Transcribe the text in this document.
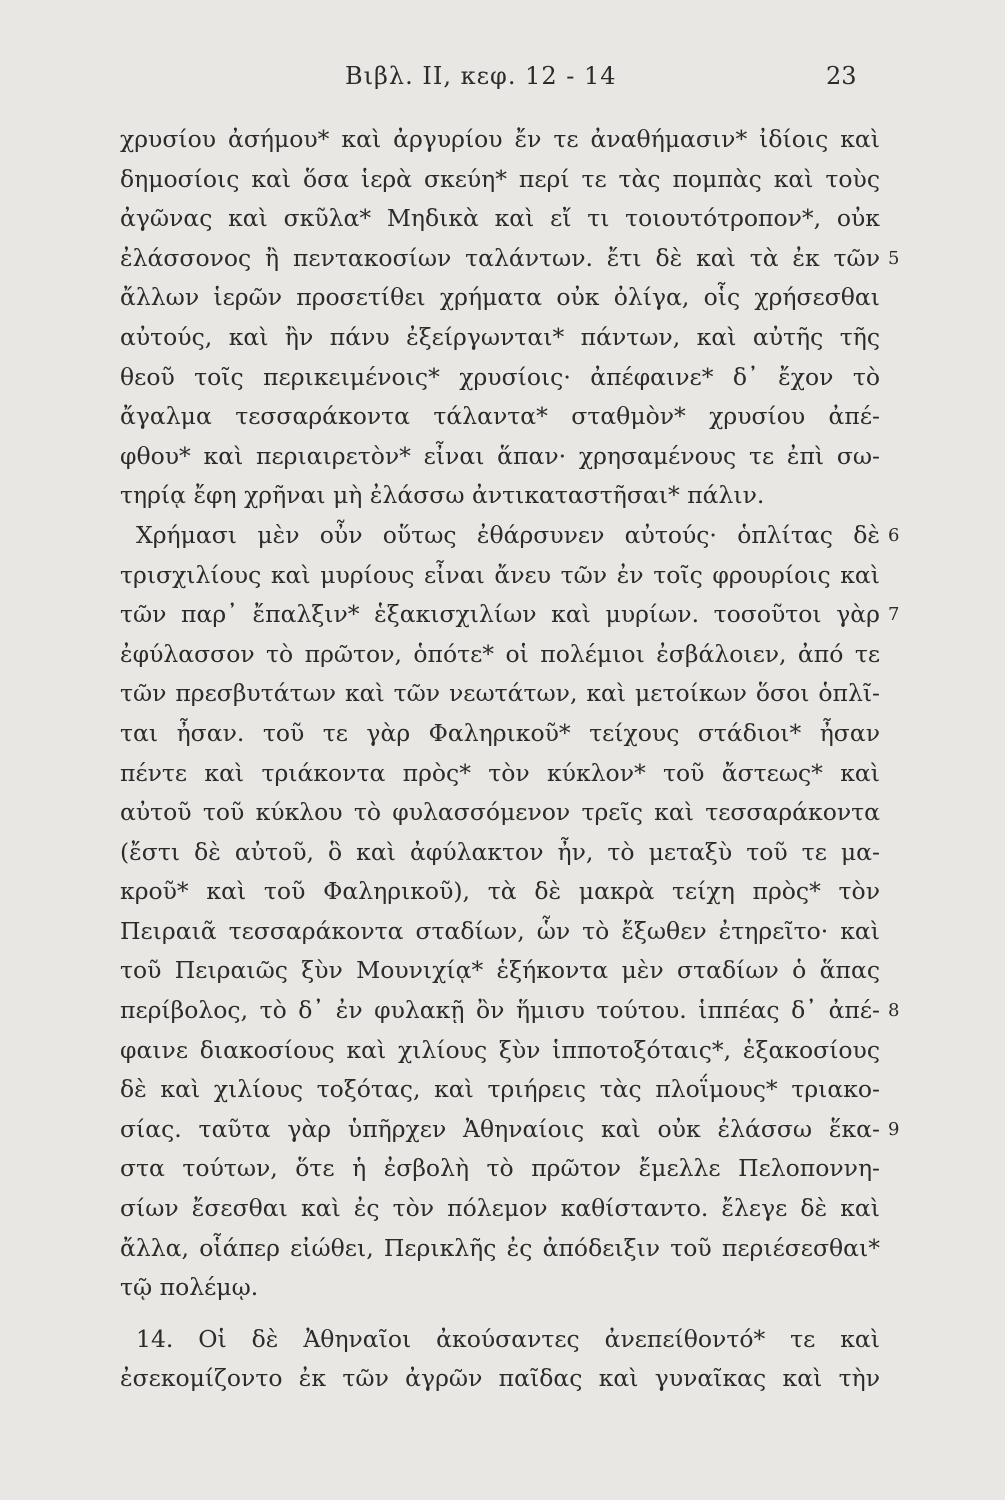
Βιβλ. ΙΙ, κεφ. 12 - 14	23
χρυσίου ἀσήμου* καὶ ἀργυρίου ἔν τε ἀναθήμασιν* ἰδίοις καὶ
δημοσίοις καὶ ὅσα ἱερὰ σκεύη* περί τε τὰς πομπὰς καὶ τοὺς
ἀγῶνας καὶ σκῦλα* Μηδικὰ καὶ εἴ τι τοιουτότροπον*, οὐκ
ἐλάσσονος ἢ πεντακοσίων ταλάντων. ἔτι δὲ καὶ τὰ ἐκ τῶν 5
ἄλλων ἱερῶν προσετίθει χρήματα οὐκ ὀλίγα, οἷς χρήσεσθαι
αὐτούς, καὶ ἢν πάνυ ἐξείργωνται* πάντων, καὶ αὐτῆς τῆς
θεοῦ τοῖς περικειμένοις* χρυσίοις· ἀπέφαινε* δ᾽ ἔχον τὸ
ἄγαλμα τεσσαράκοντα τάλαντα* σταθμὸν* χρυσίου ἀπέ-
φθου* καὶ περιαιρετὸν* εἶναι ἅπαν· χρησαμένους τε ἐπὶ σω-
τηρίᾳ ἔφη χρῆναι μὴ ἐλάσσω ἀντικαταστῆσαι* πάλιν.
Χρήμασι μὲν οὖν οὕτως ἐθάρσυνεν αὐτούς· ὁπλίτας δὲ 6
τρισχιλίους καὶ μυρίους εἶναι ἄνευ τῶν ἐν τοῖς φρουρίοις καὶ
τῶν παρ᾽ ἔπαλξιν* ἑξακισχιλίων καὶ μυρίων. τοσοῦτοι γὰρ 7
ἐφύλασσον τὸ πρῶτον, ὁπότε* οἱ πολέμιοι ἐσβάλοιεν, ἀπό τε
τῶν πρεσβυτάτων καὶ τῶν νεωτάτων, καὶ μετοίκων ὅσοι ὁπλῖ-
ται ἦσαν. τοῦ τε γὰρ Φαληρικοῦ* τείχους στάδιοι* ἦσαν
πέντε καὶ τριάκοντα πρὸς* τὸν κύκλον* τοῦ ἄστεως* καὶ
αὐτοῦ τοῦ κύκλου τὸ φυλασσόμενον τρεῖς καὶ τεσσαράκοντα
(ἔστι δὲ αὐτοῦ, ὃ καὶ ἀφύλακτον ἦν, τὸ μεταξὺ τοῦ τε μα-
κροῦ* καὶ τοῦ Φαληρικοῦ), τὰ δὲ μακρὰ τείχη πρὸς* τὸν
Πειραιᾶ τεσσαράκοντα σταδίων, ὧν τὸ ἔξωθεν ἐτηρεῖτο· καὶ
τοῦ Πειραιῶς ξὺν Μουνιχίᾳ* ἑξήκοντα μὲν σταδίων ὁ ἅπας
περίβολος, τὸ δ᾽ ἐν φυλακῇ ὂν ἥμισυ τούτου. ἱππέας δ᾽ ἀπέ- 8
φαινε διακοσίους καὶ χιλίους ξὺν ἱπποτοξόταις*, ἑξακοσίους
δὲ καὶ χιλίους τοξότας, καὶ τριήρεις τὰς πλοΐμους* τριακο-
σίας. ταῦτα γὰρ ὑπῆρχεν Ἀθηναίοις καὶ οὐκ ἐλάσσω ἕκα- 9
στα τούτων, ὅτε ἡ ἐσβολὴ τὸ πρῶτον ἔμελλε Πελοποννη-
σίων ἔσεσθαι καὶ ἐς τὸν πόλεμον καθίσταντο. ἔλεγε δὲ καὶ
ἄλλα, οἷάπερ εἰώθει, Περικλῆς ἐς ἀπόδειξιν τοῦ περιέσεσθαι*
τῷ πολέμῳ.
14. Οἱ δὲ Ἀθηναῖοι ἀκούσαντες ἀνεπείθοντό* τε καὶ
ἐσεκομίζοντο ἐκ τῶν ἀγρῶν παῖδας καὶ γυναῖκας καὶ τὴν
